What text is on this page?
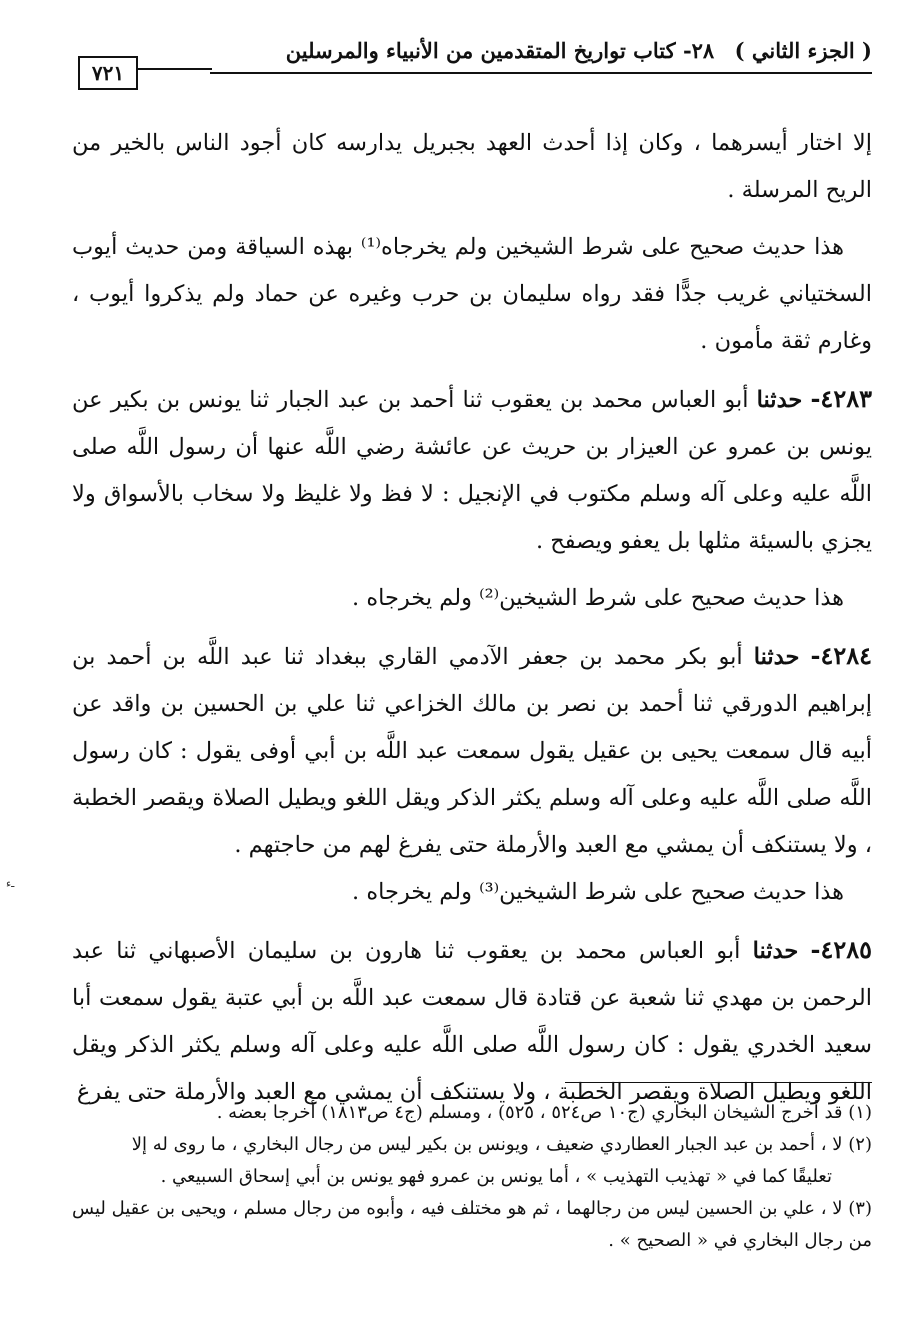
( الجزء الثاني )
٢٨- كتاب تواريخ المتقدمين من الأنبياء والمرسلين
٧٢١

إلا اختار أيسرهما ، وكان إذا أحدث العهد بجبريل يدارسه كان أجود الناس بالخير من الريح المرسلة .

هذا حديث صحيح على شرط الشيخين ولم يخرجاه⁽¹⁾ بهذه السياقة ومن حديث أيوب السختياني غريب جدًّا فقد رواه سليمان بن حرب وغيره عن حماد ولم يذكروا أيوب ، وغارم ثقة مأمون .

٤٢٨٣- حدثنا أبو العباس محمد بن يعقوب ثنا أحمد بن عبد الجبار ثنا يونس بن بكير عن يونس بن عمرو عن العيزار بن حريث عن عائشة رضي اللَّه عنها أن رسول اللَّه صلى اللَّه عليه وعلى آله وسلم مكتوب في الإنجيل : لا فظ ولا غليظ ولا سخاب بالأسواق ولا يجزي بالسيئة مثلها بل يعفو ويصفح .

هذا حديث صحيح على شرط الشيخين⁽²⁾ ولم يخرجاه .

٤٢٨٤- حدثنا أبو بكر محمد بن جعفر الآدمي القاري ببغداد ثنا عبد اللَّه بن أحمد بن إبراهيم الدورقي ثنا أحمد بن نصر بن مالك الخزاعي ثنا علي بن الحسين بن واقد عن أبيه قال سمعت يحيى بن عقيل يقول سمعت عبد اللَّه بن أبي أوفى يقول : كان رسول اللَّه صلى اللَّه عليه وعلى آله وسلم يكثر الذكر ويقل اللغو ويطيل الصلاة ويقصر الخطبة ، ولا يستنكف أن يمشي مع العبد والأرملة حتى يفرغ لهم من حاجتهم .

هذا حديث صحيح على شرط الشيخين⁽³⁾ ولم يخرجاه .

٤٢٨٥- حدثنا أبو العباس محمد بن يعقوب ثنا هارون بن سليمان الأصبهاني ثنا عبد الرحمن بن مهدي ثنا شعبة عن قتادة قال سمعت عبد اللَّه بن أبي عتبة يقول سمعت أبا سعيد الخدري يقول : كان رسول اللَّه صلى اللَّه عليه وعلى آله وسلم يكثر الذكر ويقل اللغو ويطيل الصلاة ويقصر الخطبة ، ولا يستنكف أن يمشي مع العبد والأرملة حتى يفرغ

(١) قد أخرج الشيخان البخاري (ج١٠ ص٥٢٤ ، ٥٢٥) ، ومسلم (ج٤ ص١٨١٣) أخرجا بعضه .

(٢) لا ، أحمد بن عبد الجبار العطاردي ضعيف ، ويونس بن بكير ليس من رجال البخاري ، ما روى له إلا

تعليقًا كما في « تهذيب التهذيب » ، أما يونس بن عمرو فهو يونس بن أبي إسحاق السبيعي .

(٣) لا ، علي بن الحسين ليس من رجالهما ، ثم هو مختلف فيه ، وأبوه من رجال مسلم ، ويحيى بن عقيل ليس من رجال البخاري في « الصحيح » .

ـء
